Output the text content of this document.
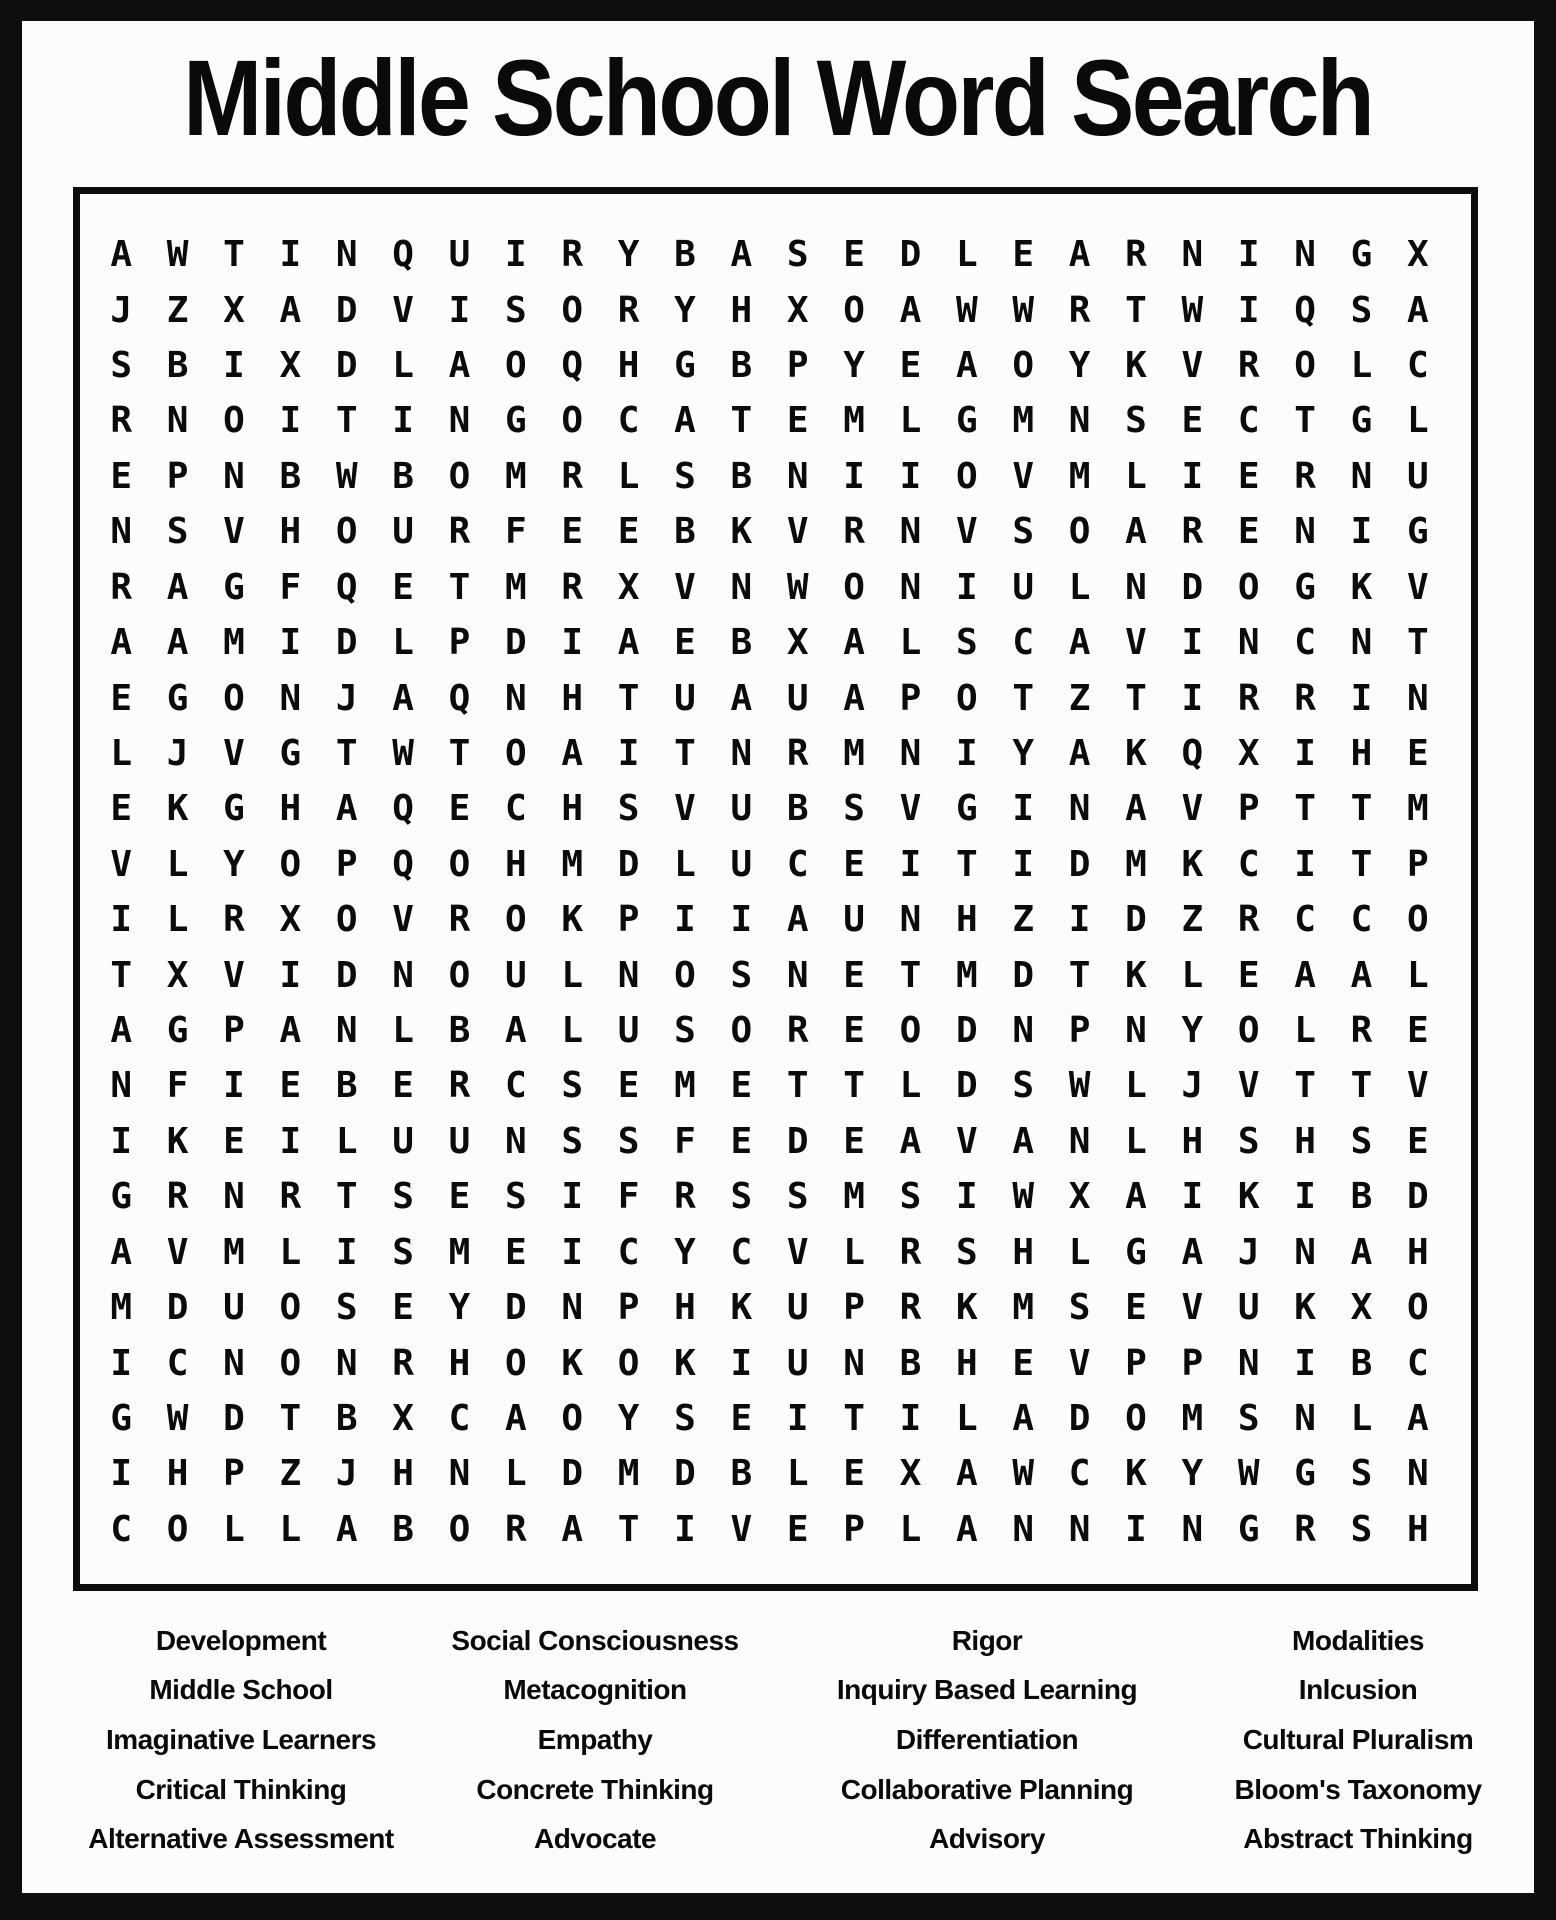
Middle School Word Search
A W T I N Q U I R Y B A S E D L E A R N I N G X
J Z X A D V I S O R Y H X O A W W R T W I Q S A
S B I X D L A O Q H G B P Y E A O Y K V R O L C
R N O I T I N G O C A T E M L G M N S E C T G L
E P N B W B O M R L S B N I I O V M L I E R N U
N S V H O U R F E E B K V R N V S O A R E N I G
R A G F Q E T M R X V N W O N I U L N D O G K V
A A M I D L P D I A E B X A L S C A V I N C N T
E G O N J A Q N H T U A U A P O T Z T I R R I N
L J V G T W T O A I T N R M N I Y A K Q X I H E
E K G H A Q E C H S V U B S V G I N A V P T T M
V L Y O P Q O H M D L U C E I T I D M K C I T P
I L R X O V R O K P I I A U N H Z I D Z R C C O
T X V I D N O U L N O S N E T M D T K L E A A L
A G P A N L B A L U S O R E O D N P N Y O L R E
N F I E B E R C S E M E T T L D S W L J V T T V
I K E I L U U N S S F E D E A V A N L H S H S E
G R N R T S E S I F R S S M S I W X A I K I B D
A V M L I S M E I C Y C V L R S H L G A J N A H
M D U O S E Y D N P H K U P R K M S E V U K X O
I C N O N R H O K O K I U N B H E V P P N I B C
G W D T B X C A O Y S E I T I L A D O M S N L A
I H P Z J H N L D M D B L E X A W C K Y W G S N
C O L L A B O R A T I V E P L A N N I N G R S H
Development
Middle School
Imaginative Learners
Critical Thinking
Alternative Assessment
Social Consciousness
Metacognition
Empathy
Concrete Thinking
Advocate
Rigor
Inquiry Based Learning
Differentiation
Collaborative Planning
Advisory
Modalities
Inlcusion
Cultural Pluralism
Bloom's Taxonomy
Abstract Thinking
